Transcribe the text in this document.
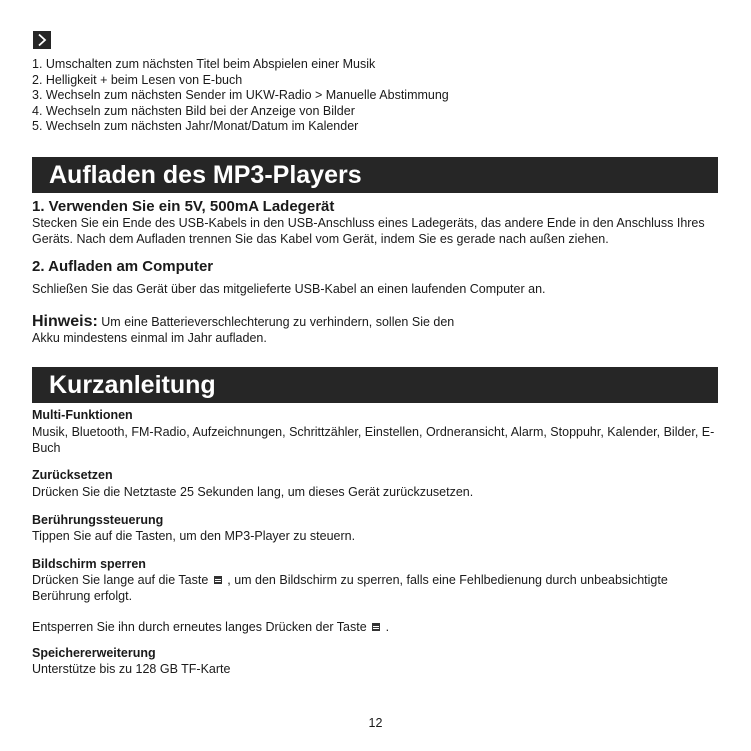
1. Umschalten zum nächsten Titel beim Abspielen einer Musik
2. Helligkeit + beim Lesen von E-buch
3. Wechseln zum nächsten Sender im UKW-Radio > Manuelle Abstimmung
4. Wechseln zum nächsten Bild bei der Anzeige von Bilder
5. Wechseln zum nächsten Jahr/Monat/Datum im Kalender
Aufladen des MP3-Players
1. Verwenden Sie ein 5V, 500mA Ladegerät
Stecken Sie ein Ende des USB-Kabels in den USB-Anschluss eines Ladegeräts, das andere Ende in den Anschluss Ihres Geräts. Nach dem Aufladen trennen Sie das Kabel vom Gerät, indem Sie es gerade nach außen ziehen.
2. Aufladen am Computer
Schließen Sie das Gerät über das mitgelieferte USB-Kabel an einen laufenden Computer an.
Hinweis: Um eine Batterieverschlechterung zu verhindern, sollen Sie den
Akku mindestens einmal im Jahr aufladen.
Kurzanleitung
Multi-Funktionen
Musik, Bluetooth, FM-Radio, Aufzeichnungen, Schrittzähler, Einstellen, Ordneransicht, Alarm, Stoppuhr, Kalender, Bilder, E-Buch
Zurücksetzen
Drücken Sie die Netztaste 25 Sekunden lang, um dieses Gerät zurückzusetzen.
Berührungssteuerung
Tippen Sie auf die Tasten, um den MP3-Player zu steuern.
Bildschirm sperren
Drücken Sie lange auf die Taste , um den Bildschirm zu sperren, falls eine Fehlbedienung durch unbeabsichtigte Berührung erfolgt.
Entsperren Sie ihn durch erneutes langes Drücken der Taste .
Speichererweiterung
Unterstütze bis zu 128 GB TF-Karte
12
